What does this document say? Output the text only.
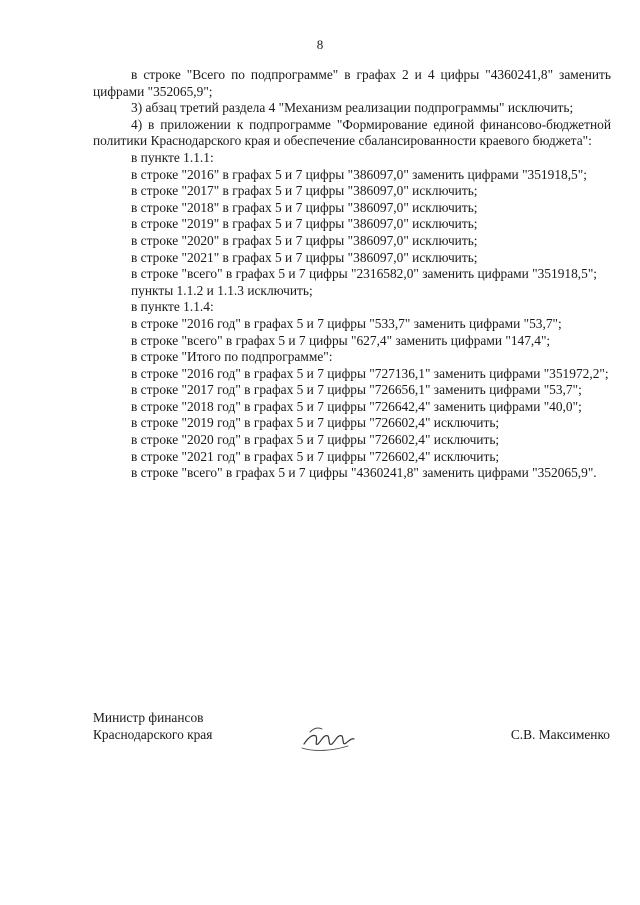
8

в строке "Всего по подпрограмме" в графах 2 и 4 цифры "4360241,8" заменить цифрами "352065,9";

3) абзац третий раздела 4 "Механизм реализации подпрограммы" исключить;

4) в приложении к подпрограмме "Формирование единой финансово-бюджетной политики Краснодарского края и обеспечение сбалансированности краевого бюджета":

в пункте 1.1.1:

в строке "2016" в графах 5 и 7 цифры "386097,0" заменить цифрами "351918,5";

в строке "2017" в графах 5 и 7 цифры "386097,0" исключить;

в строке "2018" в графах 5 и 7 цифры "386097,0" исключить;

в строке "2019" в графах 5 и 7 цифры "386097,0" исключить;

в строке "2020" в графах 5 и 7 цифры "386097,0" исключить;

в строке "2021" в графах 5 и 7 цифры "386097,0" исключить;

в строке "всего" в графах 5 и 7 цифры "2316582,0" заменить цифрами "351918,5";

пункты 1.1.2 и 1.1.3 исключить;

в пункте 1.1.4:

в строке "2016 год" в графах 5 и 7 цифры "533,7" заменить цифрами "53,7";

в строке "всего" в графах 5 и 7 цифры "627,4" заменить цифрами "147,4";

в строке "Итого по подпрограмме":

в строке "2016 год" в графах 5 и 7 цифры "727136,1" заменить цифрами "351972,2";

в строке "2017 год" в графах 5 и 7 цифры "726656,1" заменить цифрами "53,7";

в строке "2018 год" в графах 5 и 7 цифры "726642,4" заменить цифрами "40,0";

в строке "2019 год" в графах 5 и 7 цифры "726602,4" исключить;

в строке "2020 год" в графах 5 и 7 цифры "726602,4" исключить;

в строке "2021 год" в графах 5 и 7 цифры "726602,4" исключить;

в строке "всего" в графах 5 и 7 цифры "4360241,8" заменить цифрами "352065,9".

Министр финансов
Краснодарского края	С.В. Максименко
